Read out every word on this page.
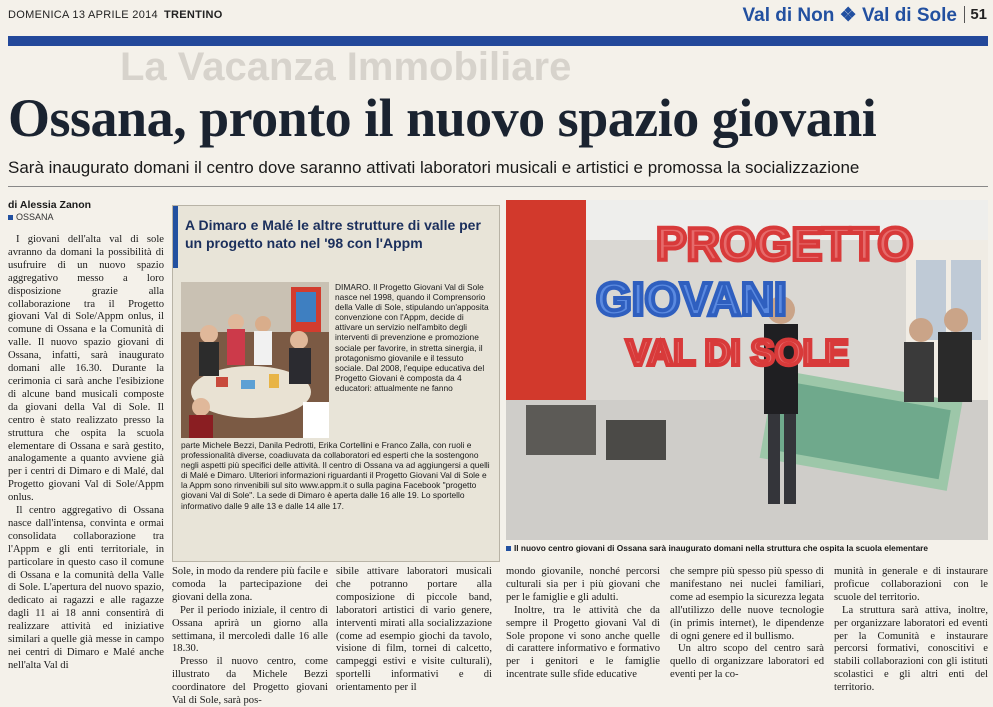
DOMENICA 13 APRILE 2014 TRENTINO	Val di Non ❖ Val di Sole 51
La Vacanza Immobiliare
Ossana, pronto il nuovo spazio giovani
Sarà inaugurato domani il centro dove saranno attivati laboratori musicali e artistici e promossa la socializzazione
di Alessia Zanon
OSSANA

I giovani dell'alta val di sole avranno da domani la possibilità di usufruire di un nuovo spazio aggregativo messo a loro disposizione grazie alla collaborazione tra il Progetto giovani Val di Sole/Appm onlus, il comune di Ossana e la Comunità di valle. Il nuovo spazio giovani di Ossana, infatti, sarà inaugurato domani alle 16.30. Durante la cerimonia ci sarà anche l'esibizione di alcune band musicali composte da giovani della Val di Sole. Il centro è stato realizzato presso la struttura che ospita la scuola elementare di Ossana e sarà gestito, analogamente a quanto avviene già per i centri di Dimaro e di Malé, dal Progetto giovani Val di Sole/Appm onlus.

Il centro aggregativo di Ossana nasce dall'intensa, convinta e ormai consolidata collaborazione tra l'Appm e gli enti territoriale, in particolare in questo caso il comune di Ossana e la comunità della Valle di Sole. L'apertura del nuovo spazio, dedicato ai ragazzi e alle ragazze dagli 11 ai 18 anni consentirà di realizzare attività ed iniziative similari a quelle già messe in campo nei centri di Dimaro e Malé anche nell'alta Val di

A Dimaro e Malé le altre strutture di valle per un progetto nato nel '98 con l'Appm
DIMARO. Il Progetto Giovani Val di Sole nasce nel 1998, quando il Comprensorio della Valle di Sole, stipulando un'apposita convenzione con l'Appm, decide di attivare un servizio nell'ambito degli interventi di prevenzione e promozione sociale per favorire, in stretta sinergia, il protagonismo giovanile e il tessuto sociale. Dal 2008, l'equipe educativa del Progetto Giovani è composta da 4 educatori: attualmente ne fanno
parte Michele Bezzi, Danila Pedrotti, Erika Cortellini e Franco Zalla, con ruoli e professionalità diverse, coadiuvata da collaboratori ed esperti che la sostengono negli aspetti più specifici delle attività. Il centro di Ossana va ad aggiungersi a quelli di Malé e Dimaro. Ulteriori informazioni riguardanti il Progetto Giovani Val di Sole e la Appm sono rinvenibili sul sito www.appm.it o sulla pagina Facebook "progetto giovani Val di Sole". La sede di Dimaro è aperta dalle 16 alle 19. Lo sportello informativo dalle 9 alle 13 e dalle 14 alle 17.
PROGETTO
GIOVANI
VAL DI SOLE
Il nuovo centro giovani di Ossana sarà inaugurato domani nella struttura che ospita la scuola elementare

Sole, in modo da rendere più facile e comoda la partecipazione dei giovani della zona.

Per il periodo iniziale, il centro di Ossana aprirà un giorno alla settimana, il mercoledì dalle 16 alle 18.30.

Presso il nuovo centro, come illustrato da Michele Bezzi coordinatore del Progetto giovani Val di Sole, sarà pos-

sibile attivare laboratori musicali che potranno portare alla composizione di piccole band, laboratori artistici di vario genere, interventi mirati alla socializzazione (come ad esempio giochi da tavolo, visione di film, tornei di calcetto, campeggi estivi e visite culturali), sportelli informativi e di orientamento per il

mondo giovanile, nonché percorsi culturali sia per i più giovani che per le famiglie e gli adulti.

Inoltre, tra le attività che da sempre il Progetto giovani Val di Sole propone vi sono anche quelle di carattere informativo e formativo per i genitori e le famiglie incentrate sulle sfide educative

che sempre più spesso più spesso di manifestano nei nuclei familiari, come ad esempio la sicurezza legata all'utilizzo delle nuove tecnologie (in primis internet), le dipendenze di ogni genere ed il bullismo.

Un altro scopo del centro sarà quello di organizzare laboratori ed eventi per la co-

munità in generale e di instaurare proficue collaborazioni con le scuole del territorio.

La struttura sarà attiva, inoltre, per organizzare laboratori ed eventi per la Comunità e instaurare percorsi formativi, conoscitivi e stabili collaborazioni con gli istituti scolastici e gli altri enti del territorio.
